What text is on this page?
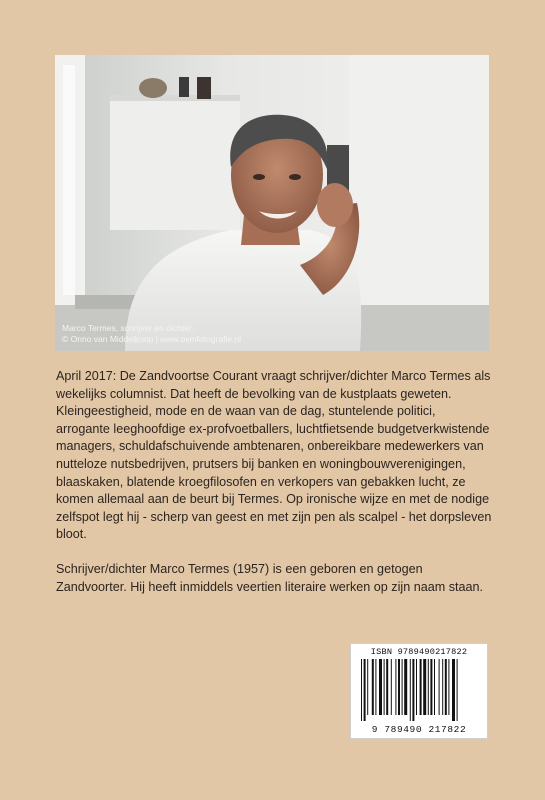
Marco Termes, schrijver en dichter.
© Onno van Middelkoop | www.ovmfotografie.nl

April 2017: De Zandvoortse Courant vraagt schrijver/dichter Marco Termes als wekelijks columnist. Dat heeft de bevolking van de kustplaats geweten. Kleingeestigheid, mode en de waan van de dag, stuntelende politici, arrogante leeghoofdige ex-profvoetballers, luchtfietsende budgetverkwistende managers, schuldafschuivende ambtenaren, onbereikbare medewerkers van nutteloze nutsbedrijven, prutsers bij banken en woningbouwverenigingen, blaaskaken, blatende kroegfilosofen en verkopers van gebakken lucht, ze komen allemaal aan de beurt bij Termes. Op ironische wijze en met de nodige zelfspot legt hij - scherp van geest en met zijn pen als scalpel - het dorpsleven bloot.

Schrijver/dichter Marco Termes (1957) is een geboren en getogen Zandvoorter. Hij heeft inmiddels veertien literaire werken op zijn naam staan.

ISBN 9789490217822
9 789490 217822
